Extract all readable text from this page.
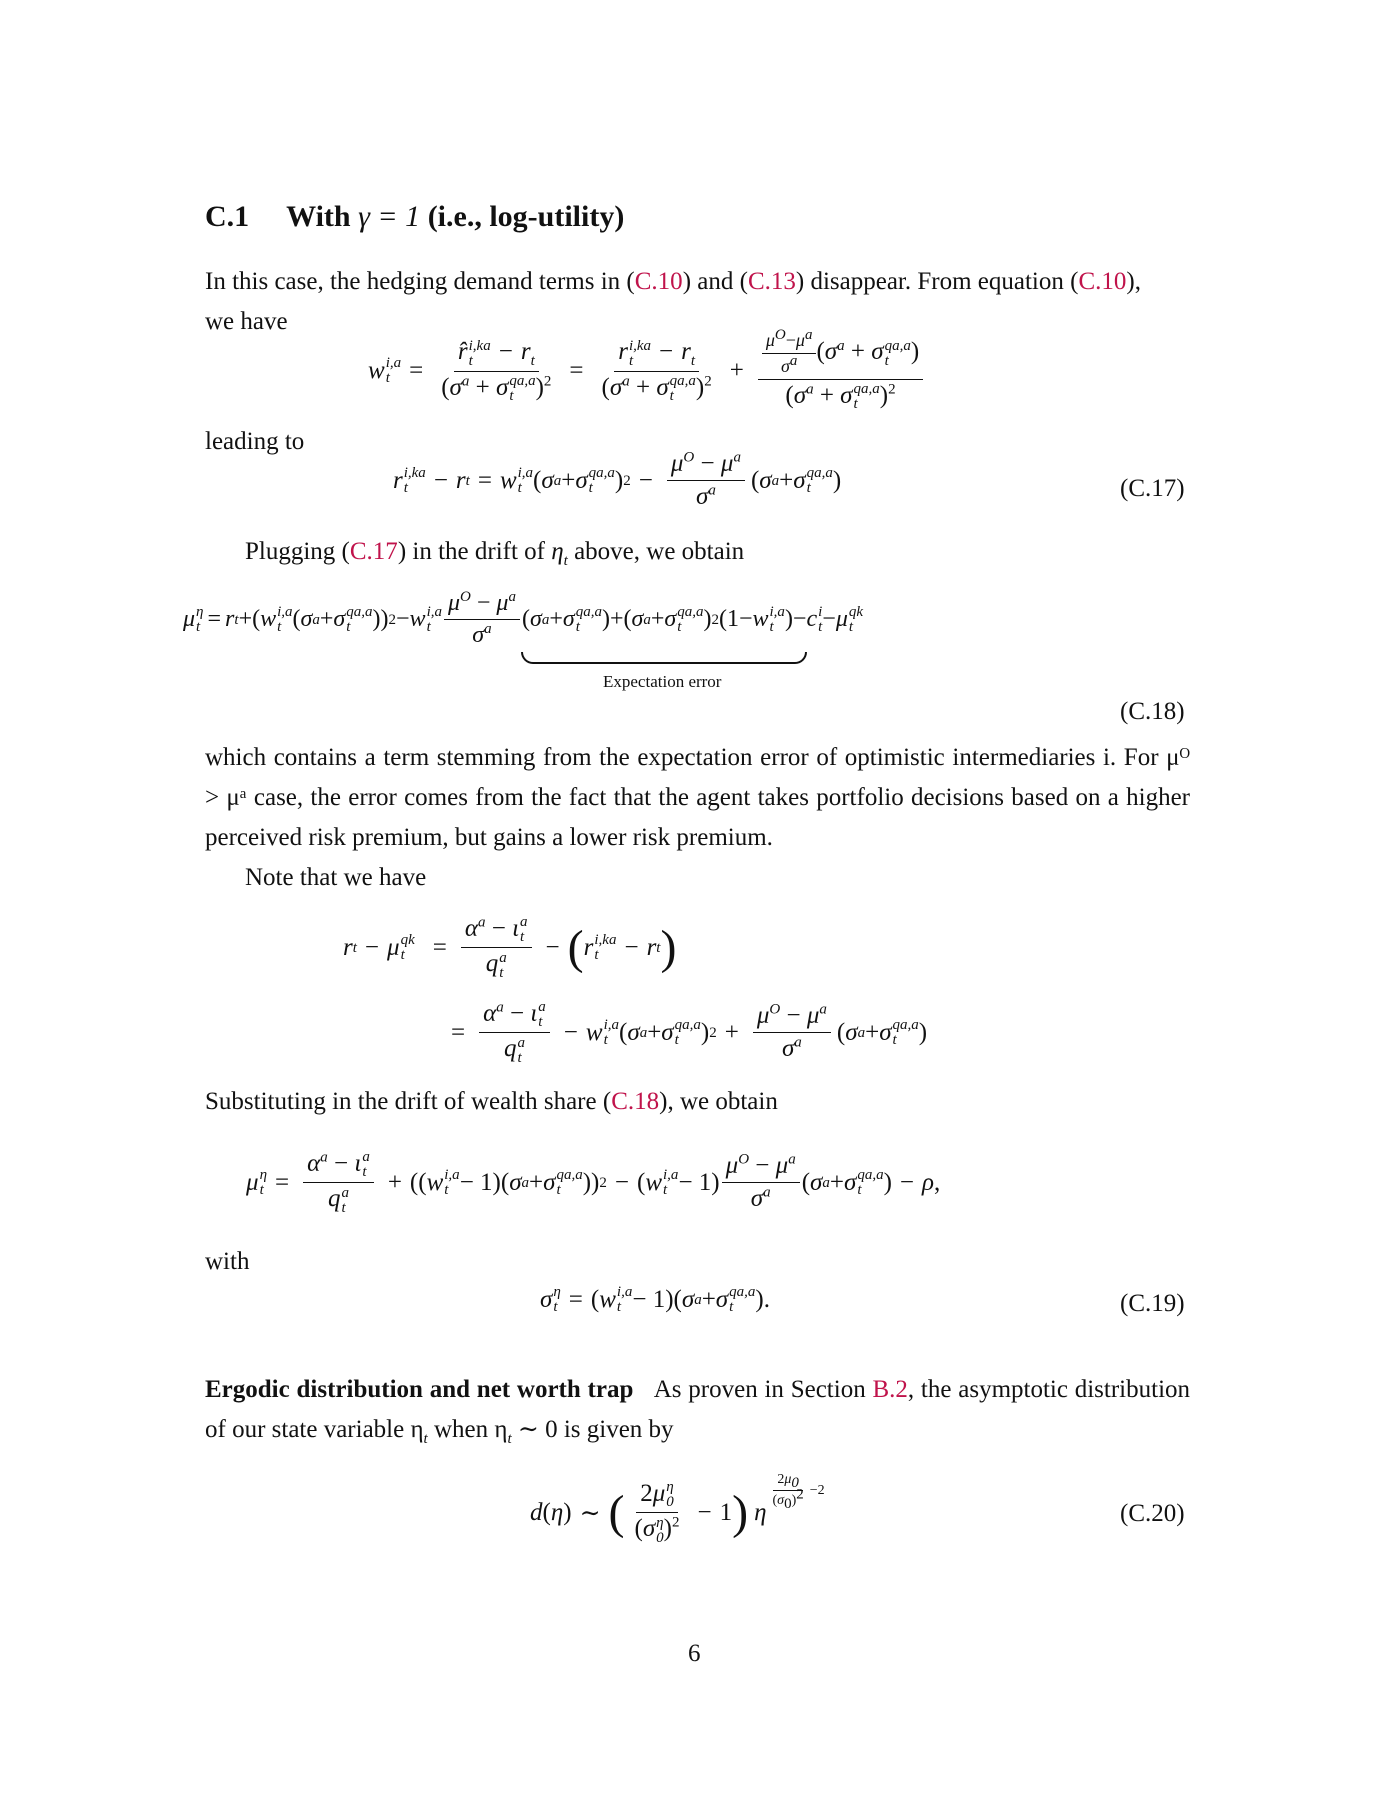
C.1 With γ = 1 (i.e., log-utility)
In this case, the hedging demand terms in (C.10) and (C.13) disappear. From equation (C.10),
we have
w i,a
t = r̂ i,ka
t	− $r_t$
($\sigma^a + \sigma$ qa,a
t )$^2$ = r i,ka
t	− $r_t$
($\sigma^a + \sigma$ qa,a
t )$^2 + \frac{\mu^O-\mu^a}{\sigma^a} (\sigma^a + \sigma$ qa,a
t )
($\sigma^a + \sigma$ qa,a
t )$^2$
leading to
r i,ka
t	− r t = w i,a
t ( σ a + σ qa,a
t ) $2 - \frac{\mu^O - \mu^a}{\sigma^a}$ ( σ a + σ qa,a
t )	(C.17)
Plugging (C.17) in the drift of $\eta_t$ above, we obtain
μ η
t = r t +( w i,a
t ( σ a + σ qa,a
t )) 2 − w i,a
t $\frac{\mu^O - \mu^a}{\sigma^a}$ ( σ a + σ qa,a
t )+( σ a + σ qa,a
t ) 2 (1− w i,a
t )− c i
t − μ qk
t
Expectation error
(C.18)
which contains a term stemming from the expectation error of optimistic intermediaries i. For μᴼ > μᵃ case, the error comes from the fact that the agent takes portfolio decisions based on a higher perceived risk premium, but gains a lower risk premium.
Note that we have
r t − μ qk
t	= $\alpha^a - \iota$ a
t
q a
t − ( r i,ka
t	− r t )
= $\alpha^a - \iota$ a
t
q a
t − w i,a
t ( σ a + σ qa,a
t ) $2 + \frac{\mu^O - \mu^a}{\sigma^a}$ ( σ a + σ qa,a
t )
Substituting in the drift of wealth share (C.18), we obtain
μ η
$t = \alpha^a - \iota$ a
t
q a
t + (( w i,a
t − 1)( σ a + σ qa,a
t )) 2 − ( w i,a
$t - 1) \frac{\mu^O - \mu^a}{\sigma^a}$ ( σ a + σ qa,a
t ) − ρ ,
with
σ η
t = ( w i,a
t − 1)( σ a + σ qa,a
t ).	(C.19)
Ergodic distribution and net worth trap As proven in Section B.2, the asymptotic distribution of our state variable $\eta_t$ when $\eta_t$ ∼ 0 is given by
d ( η ) ∼ ( 2μ η
0
(σ η
0 )$^2$ − 1 ) η
$\frac{2\mu_0}{(\sigma_0)^2} -2$
(C.20)
6
